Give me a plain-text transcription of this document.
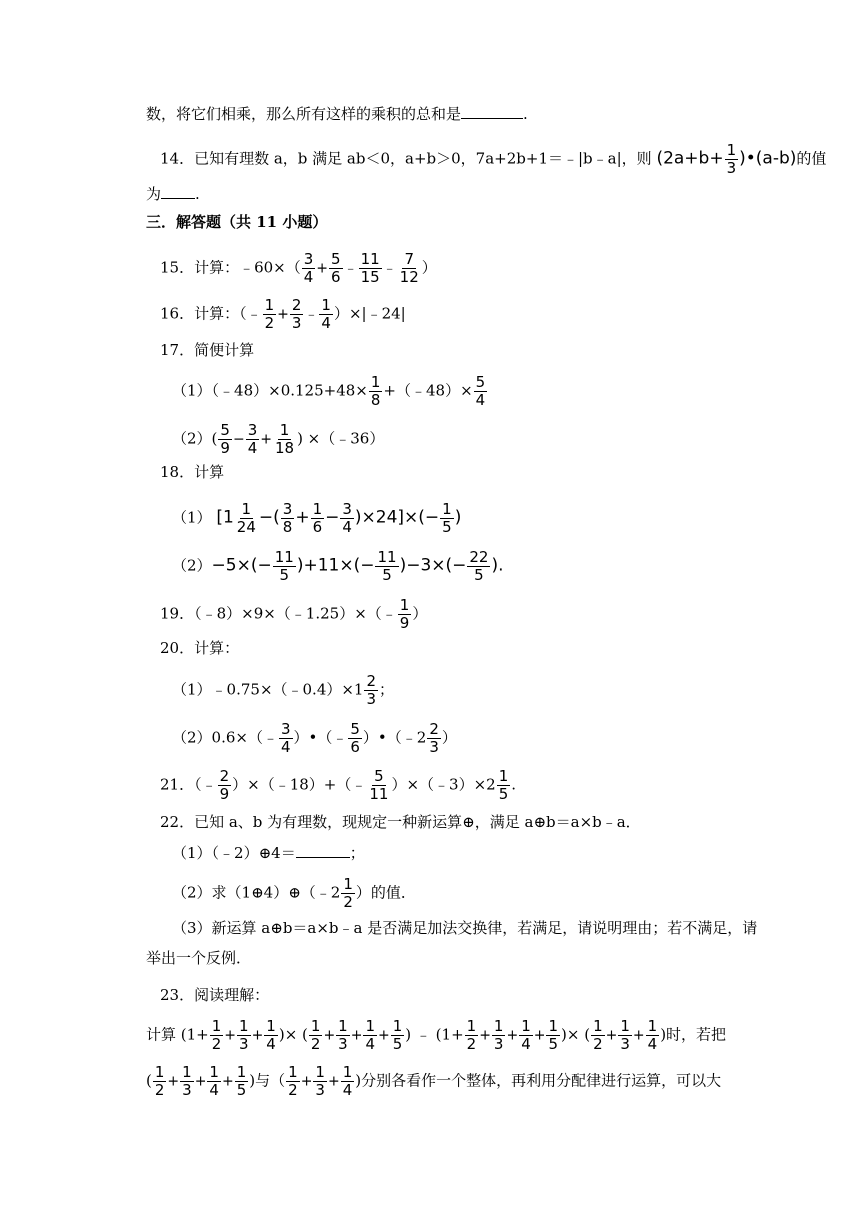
数，将它们相乘，那么所有这样的乘积的总和是	.
14．已知有理数 a，b 满足 ab＜0，a+b＞0，7a+2b+1＝﹣|b﹣a|，则 ($2a+b+ \frac{1}{3}$ )•(a-b)的值
为 .
三．解答题（共 11 小题）
15．计算：﹣60×（ $\frac{3}{4} + \frac{5}{6}$ ﹣ $\frac{11}{15}$ ﹣ $\frac{7}{12}$ ）
16．计算：（﹣ $\frac{1}{2} + \frac{2}{3}$ ﹣ $\frac{1}{4}$ ）×|﹣24|
17．简便计算
（1）（﹣48）×0.125+48× $\frac{1}{8}$ +（﹣48）× $\frac{5}{4}$
$(2)( \frac{5}{9} - \frac{3}{4} + \frac{1}{18}$ ) ×（﹣36）
18．计算
（1） [$1 \frac{1}{24}$ −( $\frac{3}{8} + \frac{1}{6} - \frac{3}{4} )\times 24]\times(- \frac{1}{5}$ )
$(2)-5\times(- \frac{11}{5} )+11\times(- \frac{11}{5} )-3\times(- \frac{22}{5}$ ).
19．（﹣8）×9×（﹣1.25）×（﹣ $\frac{1}{9}$ ）
20．计算：
（1）﹣0.75×（﹣0.4）×1 $\frac{2}{3}$ ；
（2）0.6×（﹣ $\frac{3}{4}$ ）•（﹣ $\frac{5}{6}$ ）•（﹣2 $\frac{2}{3}$ ）
21．（﹣ $\frac{2}{9}$ ）×（﹣18）+（﹣ $\frac{5}{11}$ ）×（﹣3）×2 $\frac{1}{5}$ .
22．已知 a、b 为有理数，现规定一种新运算⊕，满足 a⊕b＝a×b﹣a．
（1）（﹣2）⊕4＝	；
（2）求（1⊕4）⊕（﹣2 $\frac{1}{2}$ ）的值．
（3）新运算 a⊕b＝a×b﹣a 是否满足加法交换律，若满足，请说明理由；若不满足，请
举出一个反例．
23．阅读理解：
计算 ($1+ \frac{1}{2} + \frac{1}{3} + \frac{1}{4}$ )× ( $\frac{1}{2} + \frac{1}{3} + \frac{1}{4} + \frac{1}{5}$ ) ﹣ ($1+ \frac{1}{2} + \frac{1}{3} + \frac{1}{4} + \frac{1}{5}$ )× ( $\frac{1}{2} + \frac{1}{3} + \frac{1}{4}$ )时，若把
( $\frac{1}{2} + \frac{1}{3} + \frac{1}{4} + \frac{1}{5}$ )与（ $\frac{1}{2} + \frac{1}{3} + \frac{1}{4}$ )分别各看作一个整体，再利用分配律进行运算，可以大
